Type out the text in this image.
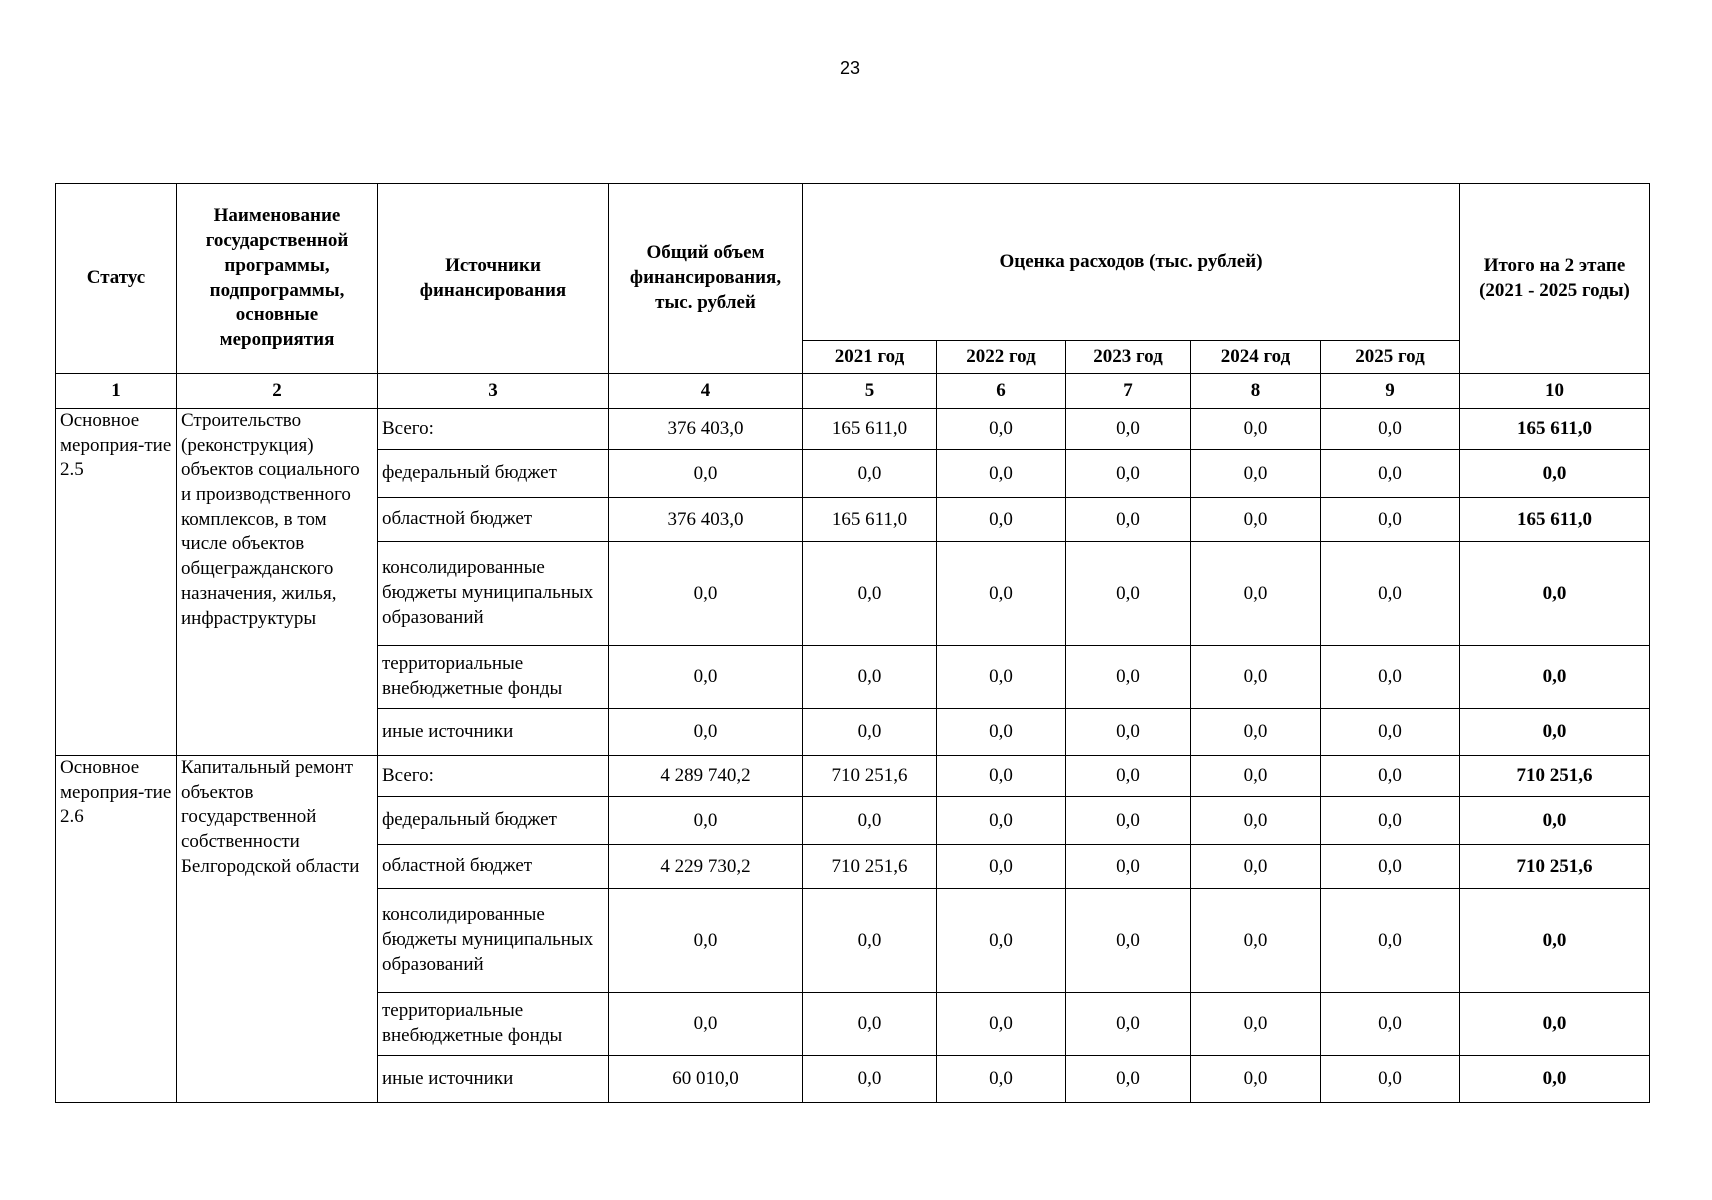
23
Статус	Наименование государственной программы, подпрограммы, основные мероприятия	Источники финансирования	Общий объем финансирования, тыс. рублей	Оценка расходов (тыс. рублей)					Итого на 2 этапе (2021 - 2025 годы)
				2021 год	2022 год	2023 год	2024 год	2025 год	
1	2	3	4	5	6	7	8	9	10
Основное мероприя-тие 2.5	Строительство (реконструкция) объектов социального и производственного комплексов, в том числе объектов общегражданского назначения, жилья, инфраструктуры	Всего:	376 403,0	165 611,0	0,0	0,0	0,0	0,0	165 611,0
		федеральный бюджет	0,0	0,0	0,0	0,0	0,0	0,0	0,0
		областной бюджет	376 403,0	165 611,0	0,0	0,0	0,0	0,0	165 611,0
		консолидированные бюджеты муниципальных образований	0,0	0,0	0,0	0,0	0,0	0,0	0,0
		территориальные внебюджетные фонды	0,0	0,0	0,0	0,0	0,0	0,0	0,0
		иные источники	0,0	0,0	0,0	0,0	0,0	0,0	0,0
Основное мероприя-тие 2.6	Капитальный ремонт объектов государственной собственности Белгородской области	Всего:	4 289 740,2	710 251,6	0,0	0,0	0,0	0,0	710 251,6
		федеральный бюджет	0,0	0,0	0,0	0,0	0,0	0,0	0,0
		областной бюджет	4 229 730,2	710 251,6	0,0	0,0	0,0	0,0	710 251,6
		консолидированные бюджеты муниципальных образований	0,0	0,0	0,0	0,0	0,0	0,0	0,0
		территориальные внебюджетные фонды	0,0	0,0	0,0	0,0	0,0	0,0	0,0
		иные источники	60 010,0	0,0	0,0	0,0	0,0	0,0	0,0
